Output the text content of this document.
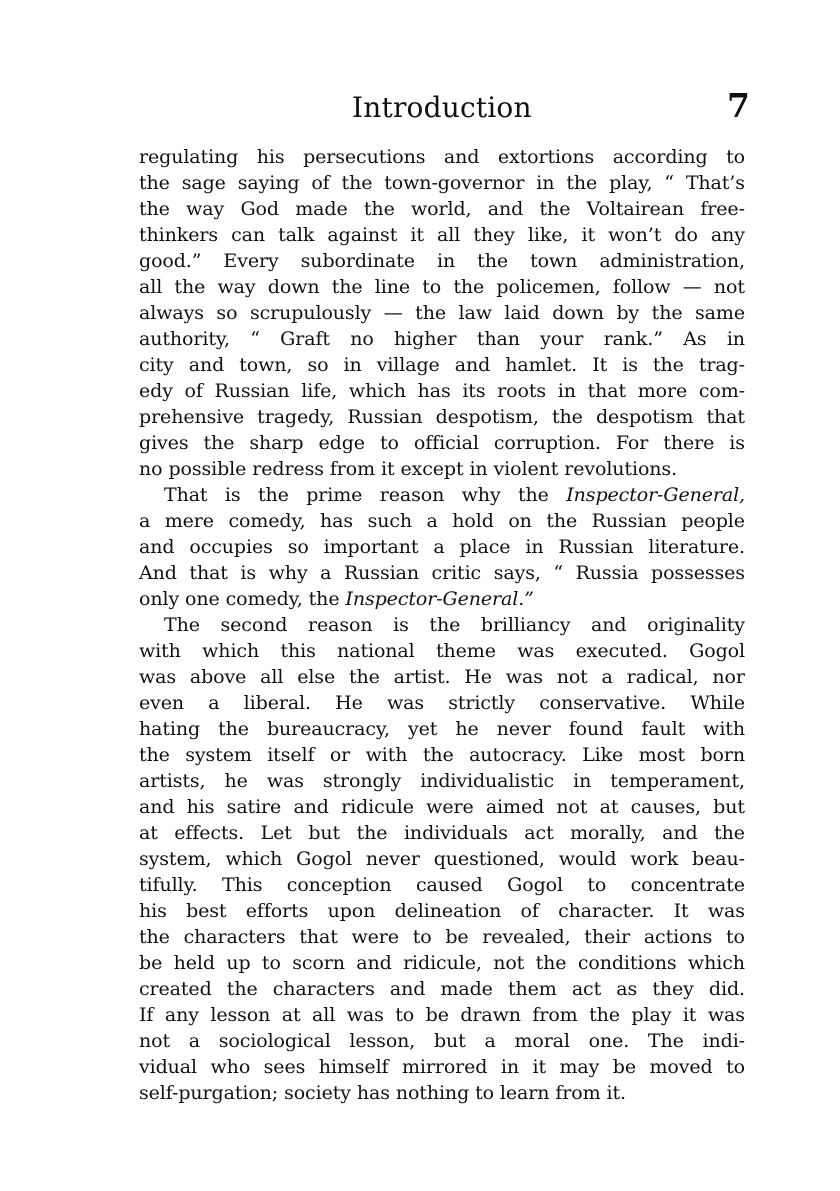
Introduction	7
regulating his persecutions and extortions according to
the sage saying of the town-governor in the play, “ That’s
the way God made the world, and the Voltairean free-
thinkers can talk against it all they like, it won’t do any
good.” Every subordinate in the town administration,
all the way down the line to the policemen, follow — not
always so scrupulously — the law laid down by the same
authority, “ Graft no higher than your rank.” As in
city and town, so in village and hamlet. It is the trag-
edy of Russian life, which has its roots in that more com-
prehensive tragedy, Russian despotism, the despotism that
gives the sharp edge to official corruption. For there is
no
possible
redress
from
it
except
in
violent
revolutions.
That is the prime reason why the Inspector-General,
a mere comedy, has such a hold on the Russian people
and occupies so important a place in Russian literature.
And that is why a Russian critic says, “ Russia possesses
only
one
comedy,
the
Inspector-General.”
The second reason is the brilliancy and originality
with which this national theme was executed. Gogol
was above all else the artist. He was not a radical, nor
even a liberal. He was strictly conservative. While
hating the bureaucracy, yet he never found fault with
the system itself or with the autocracy. Like most born
artists, he was strongly individualistic in temperament,
and his satire and ridicule were aimed not at causes, but
at effects. Let but the individuals act morally, and the
system, which Gogol never questioned, would work beau-
tifully. This conception caused Gogol to concentrate
his best efforts upon delineation of character. It was
the characters that were to be revealed, their actions to
be held up to scorn and ridicule, not the conditions which
created the characters and made them act as they did.
If any lesson at all was to be drawn from the play it was
not a sociological lesson, but a moral one. The indi-
vidual who sees himself mirrored in it may be moved to
self-purgation;
society
has
nothing
to
learn
from
it.
